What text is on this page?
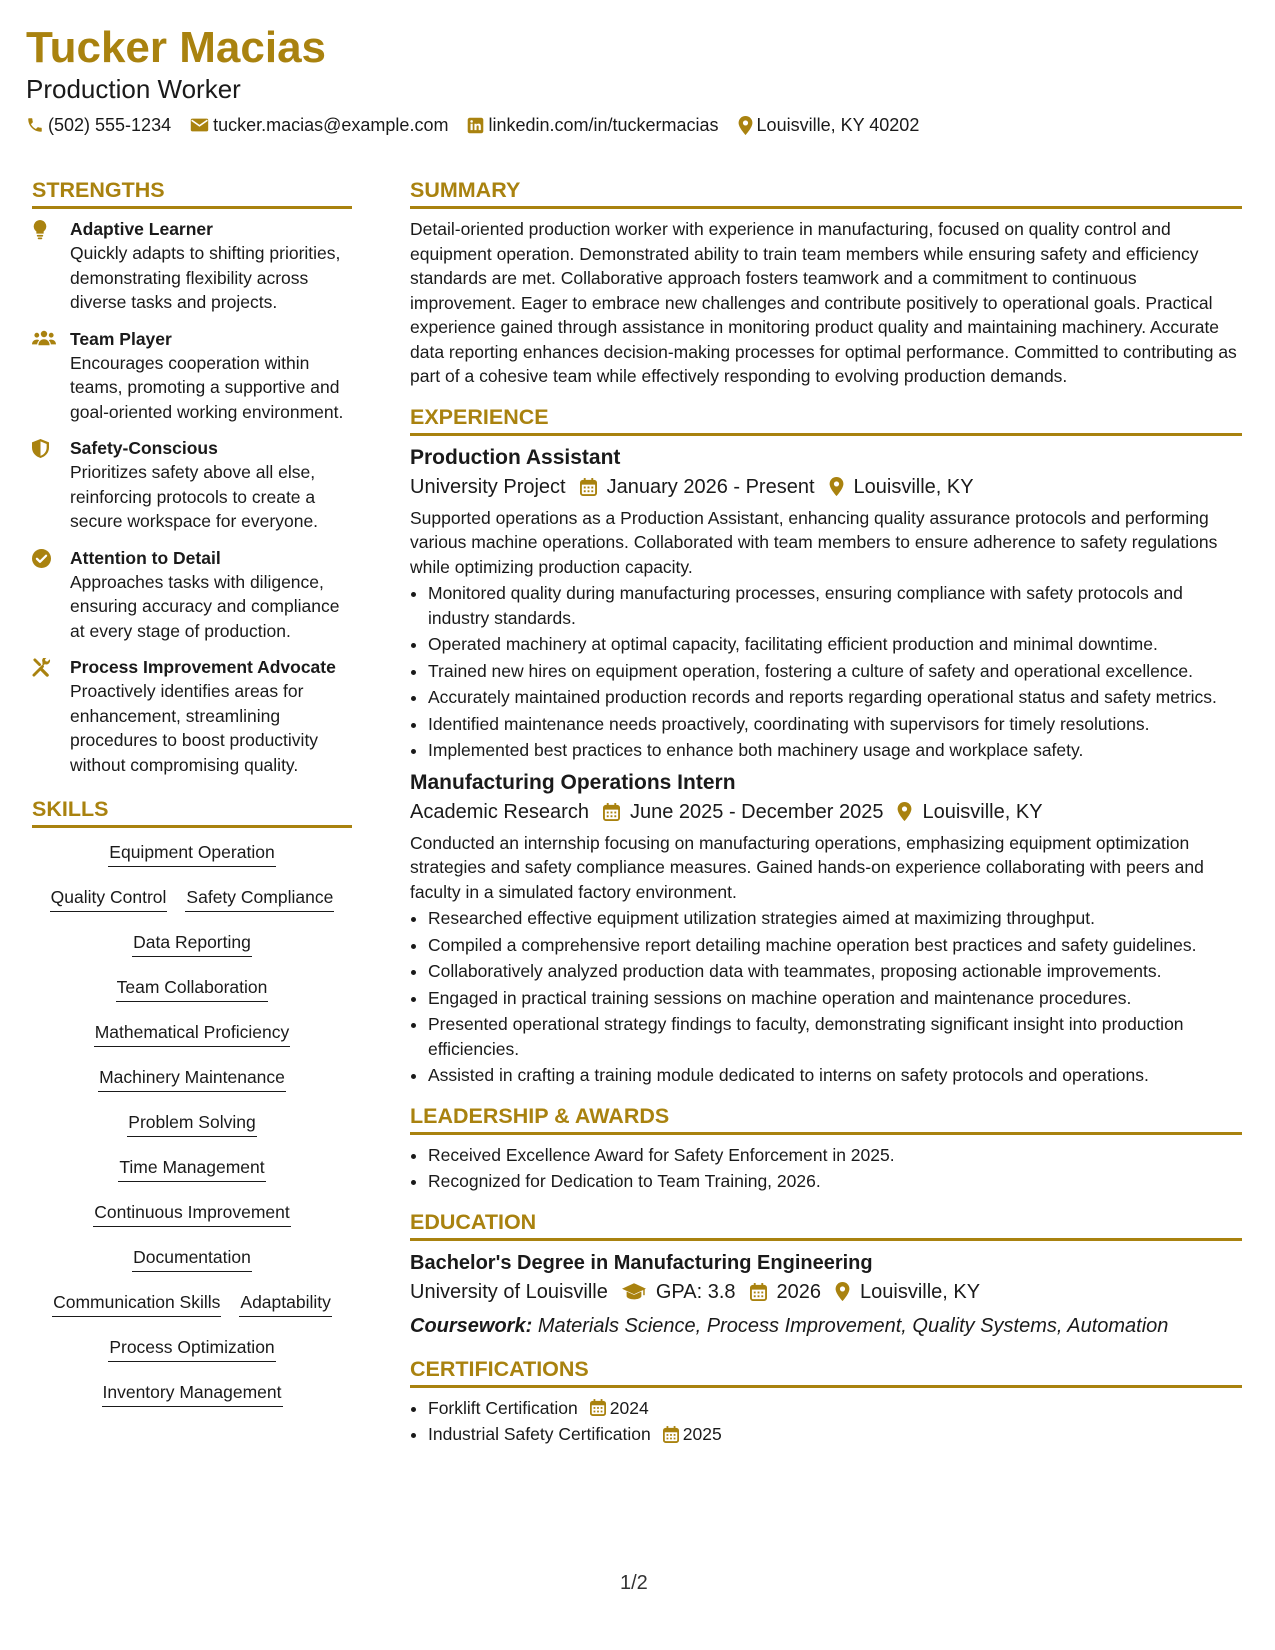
Tucker Macias
Production Worker
(502) 555-1234 tucker.macias@example.com linkedin.com/in/tuckermacias Louisville, KY 40202
STRENGTHS
Adaptive Learner
Quickly adapts to shifting priorities, demonstrating flexibility across diverse tasks and projects.
Team Player
Encourages cooperation within teams, promoting a supportive and goal-oriented working environment.
Safety-Conscious
Prioritizes safety above all else, reinforcing protocols to create a secure workspace for everyone.
Attention to Detail
Approaches tasks with diligence, ensuring accuracy and compliance at every stage of production.
Process Improvement Advocate
Proactively identifies areas for enhancement, streamlining procedures to boost productivity without compromising quality.
SKILLS
Equipment Operation
Quality Control Safety Compliance
Data Reporting
Team Collaboration
Mathematical Proficiency
Machinery Maintenance
Problem Solving
Time Management
Continuous Improvement
Documentation
Communication Skills Adaptability
Process Optimization
Inventory Management
SUMMARY
Detail-oriented production worker with experience in manufacturing, focused on quality control and equipment operation. Demonstrated ability to train team members while ensuring safety and efficiency standards are met. Collaborative approach fosters teamwork and a commitment to continuous improvement. Eager to embrace new challenges and contribute positively to operational goals. Practical experience gained through assistance in monitoring product quality and maintaining machinery. Accurate data reporting enhances decision-making processes for optimal performance. Committed to contributing as part of a cohesive team while effectively responding to evolving production demands.
EXPERIENCE
Production Assistant
University Project January 2026 - Present Louisville, KY
Supported operations as a Production Assistant, enhancing quality assurance protocols and performing various machine operations. Collaborated with team members to ensure adherence to safety regulations while optimizing production capacity.
• Monitored quality during manufacturing processes, ensuring compliance with safety protocols and industry standards.
• Operated machinery at optimal capacity, facilitating efficient production and minimal downtime.
• Trained new hires on equipment operation, fostering a culture of safety and operational excellence.
• Accurately maintained production records and reports regarding operational status and safety metrics.
• Identified maintenance needs proactively, coordinating with supervisors for timely resolutions.
• Implemented best practices to enhance both machinery usage and workplace safety.
Manufacturing Operations Intern
Academic Research June 2025 - December 2025 Louisville, KY
Conducted an internship focusing on manufacturing operations, emphasizing equipment optimization strategies and safety compliance measures. Gained hands-on experience collaborating with peers and faculty in a simulated factory environment.
• Researched effective equipment utilization strategies aimed at maximizing throughput.
• Compiled a comprehensive report detailing machine operation best practices and safety guidelines.
• Collaboratively analyzed production data with teammates, proposing actionable improvements.
• Engaged in practical training sessions on machine operation and maintenance procedures.
• Presented operational strategy findings to faculty, demonstrating significant insight into production efficiencies.
• Assisted in crafting a training module dedicated to interns on safety protocols and operations.
LEADERSHIP & AWARDS
• Received Excellence Award for Safety Enforcement in 2025.
• Recognized for Dedication to Team Training, 2026.
EDUCATION
Bachelor's Degree in Manufacturing Engineering
University of Louisville GPA: 3.8 2026 Louisville, KY
Coursework: Materials Science, Process Improvement, Quality Systems, Automation
CERTIFICATIONS
• Forklift Certification 2024
• Industrial Safety Certification 2025
1/2
